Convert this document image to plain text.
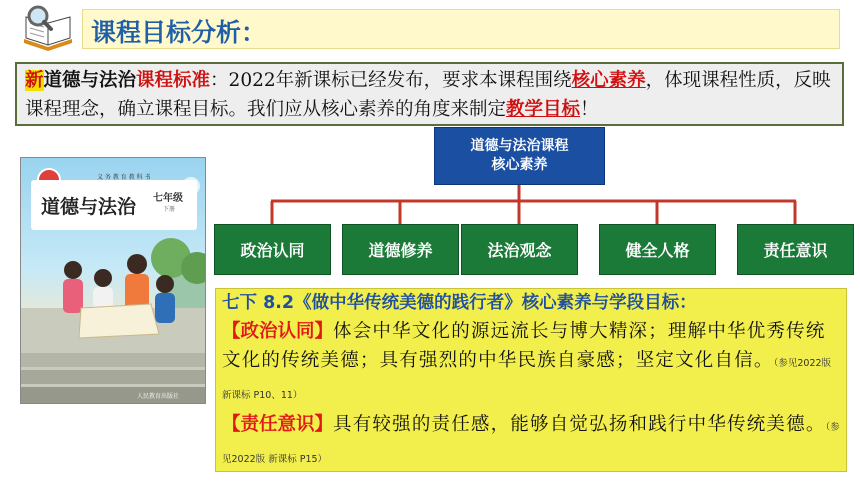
课程目标分析：
新道德与法治课程标准：2022年新课标已经发布，要求本课程围绕核心素养，体现课程性质，反映课程理念，确立课程目标。我们应从核心素养的角度来制定教学目标！
义 务 教 育 教 科 书
道德与法治 七年级
下册
人民教育出版社
道德与法治课程
核心素养
政治认同	道德修养	法治观念	健全人格	责任意识
七下 8.2《做中华传统美德的践行者》核心素养与学段目标：
【政治认同】体会中华文化的源远流长与博大精深；理解中华优秀传统文化的传统美德；具有强烈的中华民族自豪感；坚定文化自信。（参见2022版 新课标 P10、11）
【责任意识】具有较强的责任感，能够自觉弘扬和践行中华传统美德。（参见2022版 新课标 P15）
